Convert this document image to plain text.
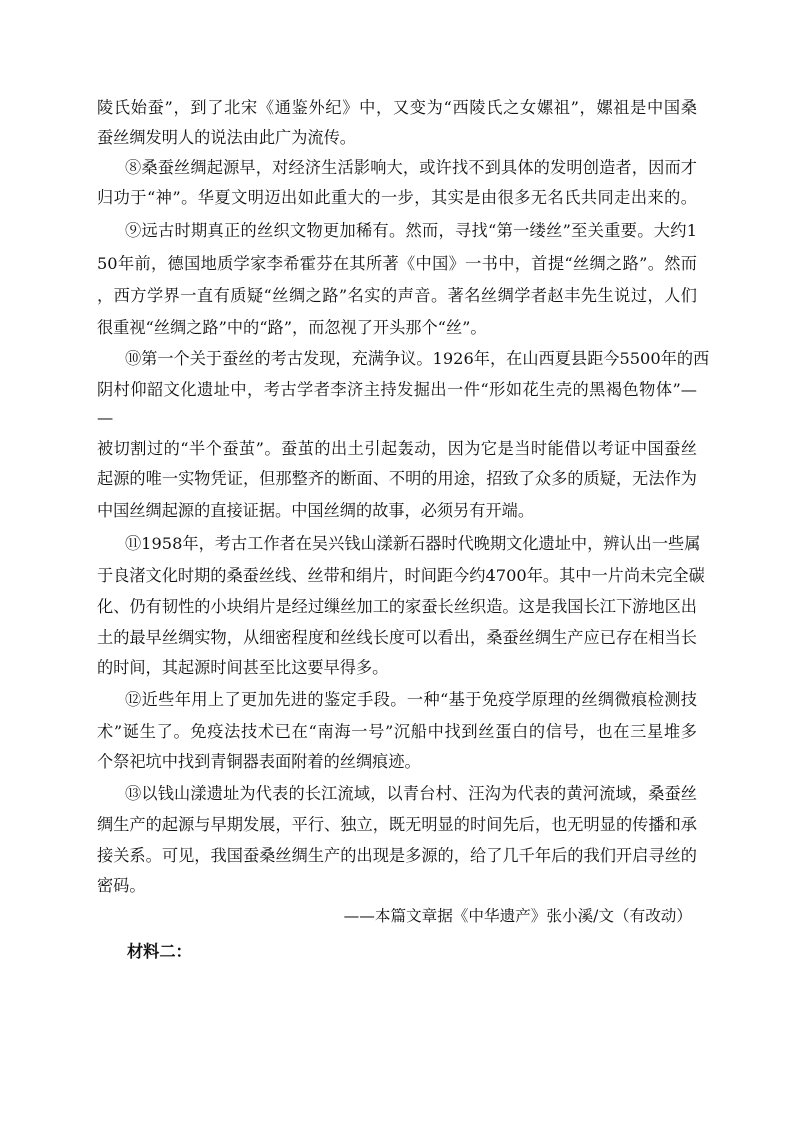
陵氏始蚕”，到了北宋《通鉴外纪》中，又变为“西陵氏之女嫘祖”，嫘祖是中国桑
蚕丝绸发明人的说法由此广为流传。
⑧桑蚕丝绸起源早，对经济生活影响大，或许找不到具体的发明创造者，因而才
归功于“神”。华夏文明迈出如此重大的一步，其实是由很多无名氏共同走出来的。
⑨远古时期真正的丝织文物更加稀有。然而，寻找“第一缕丝”至关重要。大约1
50年前，德国地质学家李希霍芬在其所著《中国》一书中，首提“丝绸之路”。然而
，西方学界一直有质疑“丝绸之路”名实的声音。著名丝绸学者赵丰先生说过，人们
很重视“丝绸之路”中的“路”，而忽视了开头那个“丝”。
⑩第一个关于蚕丝的考古发现，充满争议。1926年，在山西夏县距今5500年的西
阴村仰韶文化遗址中，考古学者李济主持发掘出一件“形如花生壳的黑褐色物体”—
—
被切割过的“半个蚕茧”。蚕茧的出土引起轰动，因为它是当时能借以考证中国蚕丝
起源的唯一实物凭证，但那整齐的断面、不明的用途，招致了众多的质疑，无法作为
中国丝绸起源的直接证据。中国丝绸的故事，必须另有开端。
⑪1958年，考古工作者在吴兴钱山漾新石器时代晚期文化遗址中，辨认出一些属
于良渚文化时期的桑蚕丝线、丝带和绢片，时间距今约4700年。其中一片尚未完全碳
化、仍有韧性的小块绢片是经过缫丝加工的家蚕长丝织造。这是我国长江下游地区出
土的最早丝绸实物，从细密程度和丝线长度可以看出，桑蚕丝绸生产应已存在相当长
的时间，其起源时间甚至比这要早得多。
⑫近些年用上了更加先进的鉴定手段。一种“基于免疫学原理的丝绸微痕检测技
术”诞生了。免疫法技术已在“南海一号”沉船中找到丝蛋白的信号，也在三星堆多
个祭祀坑中找到青铜器表面附着的丝绸痕迹。
⑬以钱山漾遗址为代表的长江流域，以青台村、汪沟为代表的黄河流域，桑蚕丝
绸生产的起源与早期发展，平行、独立，既无明显的时间先后，也无明显的传播和承
接关系。可见，我国蚕桑丝绸生产的出现是多源的，给了几千年后的我们开启寻丝的
密码。
——本篇文章据《中华遗产》张小溪/文（有改动）
材料二：
